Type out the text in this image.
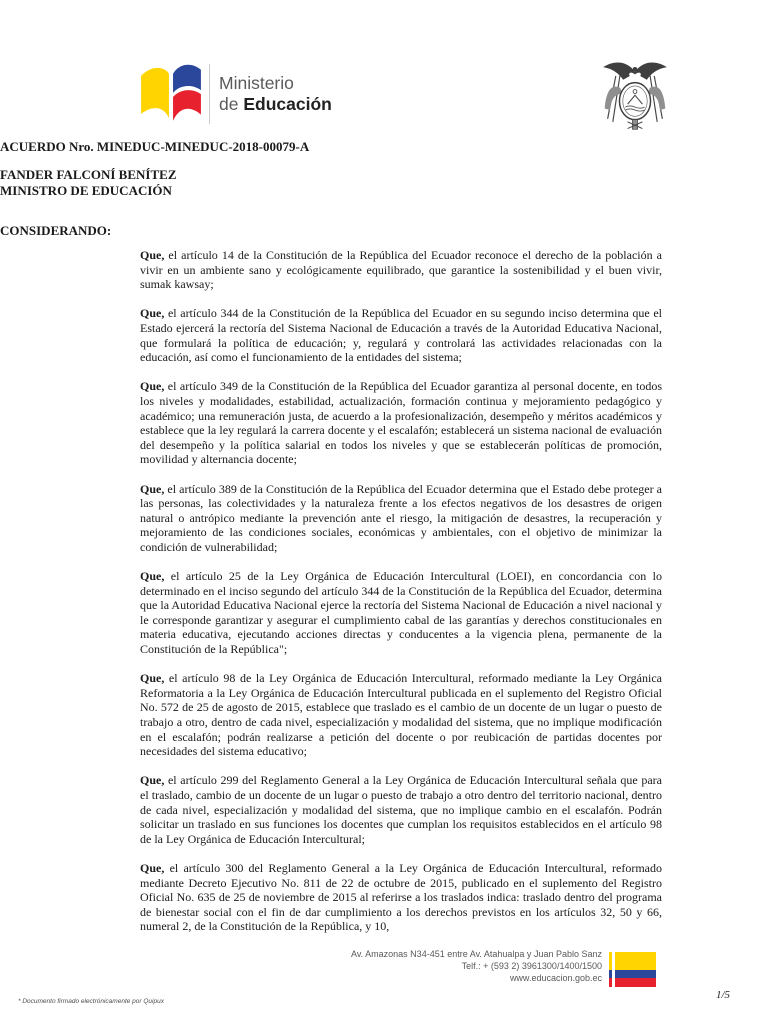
Ministerio
de Educación
ACUERDO Nro. MINEDUC-MINEDUC-2018-00079-A
FANDER FALCONÍ BENÍTEZ
MINISTRO DE EDUCACIÓN
CONSIDERANDO:

Que, el artículo 14 de la Constitución de la República del Ecuador reconoce el derecho de la población a vivir en un ambiente sano y ecológicamente equilibrado, que garantice la sostenibilidad y el buen vivir, sumak kawsay;

Que, el artículo 344 de la Constitución de la República del Ecuador en su segundo inciso determina que el Estado ejercerá la rectoría del Sistema Nacional de Educación a través de la Autoridad Educativa Nacional, que formulará la política de educación; y, regulará y controlará las actividades relacionadas con la educación, así como el funcionamiento de la entidades del sistema;

Que, el artículo 349 de la Constitución de la República del Ecuador garantiza al personal docente, en todos los niveles y modalidades, estabilidad, actualización, formación continua y mejoramiento pedagógico y académico; una remuneración justa, de acuerdo a la profesionalización, desempeño y méritos académicos y establece que la ley regulará la carrera docente y el escalafón; establecerá un sistema nacional de evaluación del desempeño y la política salarial en todos los niveles y que se establecerán políticas de promoción, movilidad y alternancia docente;

Que, el artículo 389 de la Constitución de la República del Ecuador determina que el Estado debe proteger a las personas, las colectividades y la naturaleza frente a los efectos negativos de los desastres de origen natural o antrópico mediante la prevención ante el riesgo, la mitigación de desastres, la recuperación y mejoramiento de las condiciones sociales, económicas y ambientales, con el objetivo de minimizar la condición de vulnerabilidad;

Que, el artículo 25 de la Ley Orgánica de Educación Intercultural (LOEI), en concordancia con lo determinado en el inciso segundo del artículo 344 de la Constitución de la República del Ecuador, determina que la Autoridad Educativa Nacional ejerce la rectoría del Sistema Nacional de Educación a nivel nacional y le corresponde garantizar y asegurar el cumplimiento cabal de las garantías y derechos constitucionales en materia educativa, ejecutando acciones directas y conducentes a la vigencia plena, permanente de la Constitución de la República";

Que, el artículo 98 de la Ley Orgánica de Educación Intercultural, reformado mediante la Ley Orgánica Reformatoria a la Ley Orgánica de Educación Intercultural publicada en el suplemento del Registro Oficial No. 572 de 25 de agosto de 2015, establece que traslado es el cambio de un docente de un lugar o puesto de trabajo a otro, dentro de cada nivel, especialización y modalidad del sistema, que no implique modificación en el escalafón; podrán realizarse a petición del docente o por reubicación de partidas docentes por necesidades del sistema educativo;

Que, el artículo 299 del Reglamento General a la Ley Orgánica de Educación Intercultural señala que para el traslado, cambio de un docente de un lugar o puesto de trabajo a otro dentro del territorio nacional, dentro de cada nivel, especialización y modalidad del sistema, que no implique cambio en el escalafón. Podrán solicitar un traslado en sus funciones los docentes que cumplan los requisitos establecidos en el artículo 98 de la Ley Orgánica de Educación Intercultural;

Que, el artículo 300 del Reglamento General a la Ley Orgánica de Educación Intercultural, reformado mediante Decreto Ejecutivo No. 811 de 22 de octubre de 2015, publicado en el suplemento del Registro Oficial No. 635 de 25 de noviembre de 2015 al referirse a los traslados indica: traslado dentro del programa de bienestar social con el fin de dar cumplimiento a los derechos previstos en los artículos 32, 50 y 66, numeral 2, de la Constitución de la República, y 10,

Av. Amazonas N34-451 entre Av. Atahualpa y Juan Pablo Sanz
Telf.: + (593 2) 3961300/1400/1500
www.educacion.gob.ec
1/5
* Documento firmado electrónicamente por Quipux
